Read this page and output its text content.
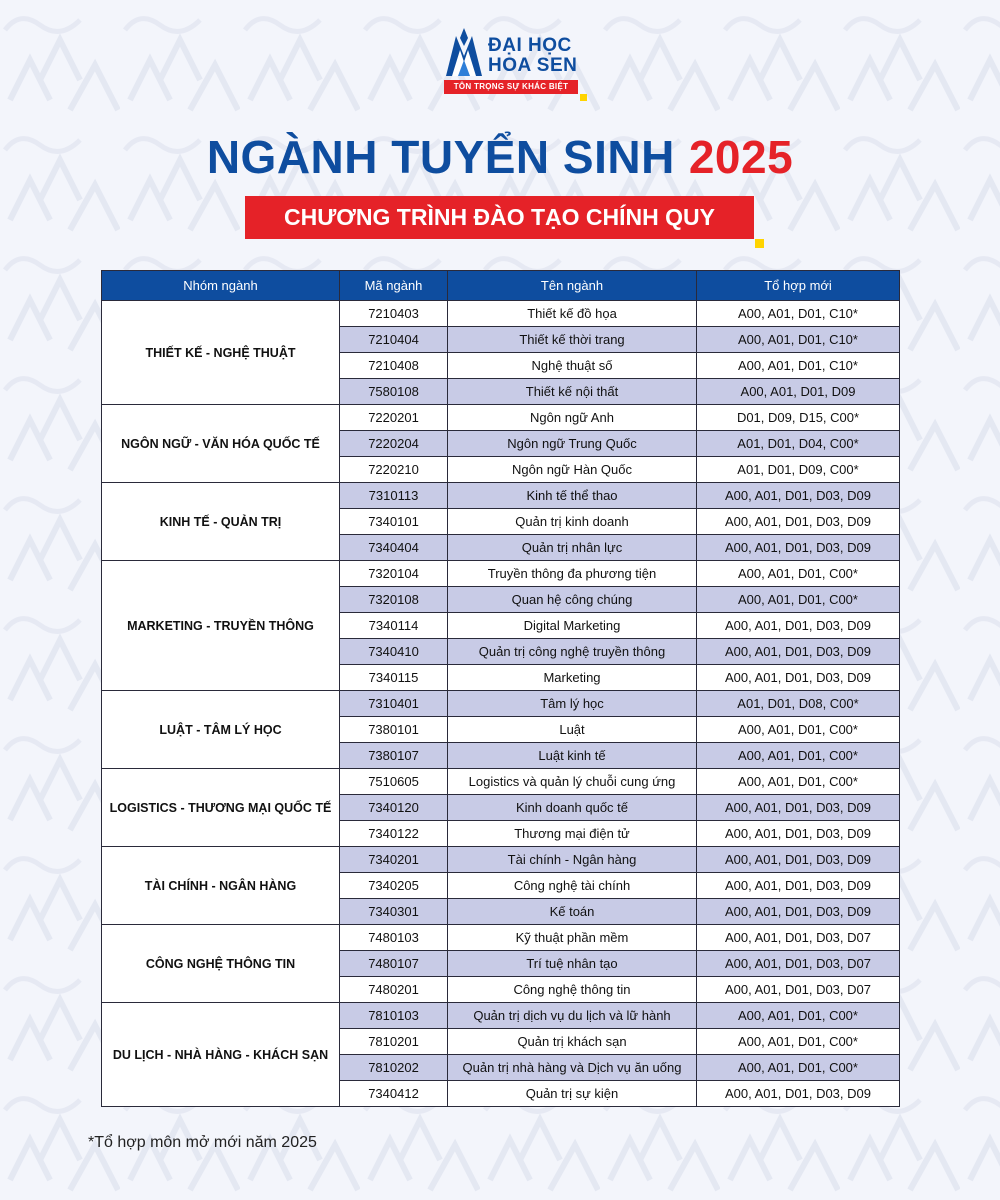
ĐẠI HỌC
HOA SEN
TÔN TRỌNG SỰ KHÁC BIỆT
NGÀNH TUYỂN SINH 2025
CHƯƠNG TRÌNH ĐÀO TẠO CHÍNH QUY
Nhóm ngành	Mã ngành	Tên ngành	Tổ hợp mới
THIẾT KẾ - NGHỆ THUẬT	7210403	Thiết kế đồ họa	A00, A01, D01, C10*
	7210404	Thiết kế thời trang	A00, A01, D01, C10*
	7210408	Nghệ thuật số	A00, A01, D01, C10*
	7580108	Thiết kế nội thất	A00, A01, D01, D09
NGÔN NGỮ - VĂN HÓA QUỐC TẾ	7220201	Ngôn ngữ Anh	D01, D09, D15, C00*
	7220204	Ngôn ngữ Trung Quốc	A01, D01, D04, C00*
	7220210	Ngôn ngữ Hàn Quốc	A01, D01, D09, C00*
KINH TẾ - QUẢN TRỊ	7310113	Kinh tế thể thao	A00, A01, D01, D03, D09
	7340101	Quản trị kinh doanh	A00, A01, D01, D03, D09
	7340404	Quản trị nhân lực	A00, A01, D01, D03, D09
MARKETING - TRUYỀN THÔNG	7320104	Truyền thông đa phương tiện	A00, A01, D01, C00*
	7320108	Quan hệ công chúng	A00, A01, D01, C00*
	7340114	Digital Marketing	A00, A01, D01, D03, D09
	7340410	Quản trị công nghệ truyền thông	A00, A01, D01, D03, D09
	7340115	Marketing	A00, A01, D01, D03, D09
LUẬT - TÂM LÝ HỌC	7310401	Tâm lý học	A01, D01, D08, C00*
	7380101	Luật	A00, A01, D01, C00*
	7380107	Luật kinh tế	A00, A01, D01, C00*
LOGISTICS - THƯƠNG MẠI QUỐC TẾ	7510605	Logistics và quản lý chuỗi cung ứng	A00, A01, D01, C00*
	7340120	Kinh doanh quốc tế	A00, A01, D01, D03, D09
	7340122	Thương mại điện tử	A00, A01, D01, D03, D09
TÀI CHÍNH - NGÂN HÀNG	7340201	Tài chính - Ngân hàng	A00, A01, D01, D03, D09
	7340205	Công nghệ tài chính	A00, A01, D01, D03, D09
	7340301	Kế toán	A00, A01, D01, D03, D09
CÔNG NGHỆ THÔNG TIN	7480103	Kỹ thuật phần mềm	A00, A01, D01, D03, D07
	7480107	Trí tuệ nhân tạo	A00, A01, D01, D03, D07
	7480201	Công nghệ thông tin	A00, A01, D01, D03, D07
DU LỊCH - NHÀ HÀNG - KHÁCH SẠN	7810103	Quản trị dịch vụ du lịch và lữ hành	A00, A01, D01, C00*
	7810201	Quản trị khách sạn	A00, A01, D01, C00*
	7810202	Quản trị nhà hàng và Dịch vụ ăn uống	A00, A01, D01, C00*
	7340412	Quản trị sự kiện	A00, A01, D01, D03, D09
*Tổ hợp môn mở mới năm 2025
